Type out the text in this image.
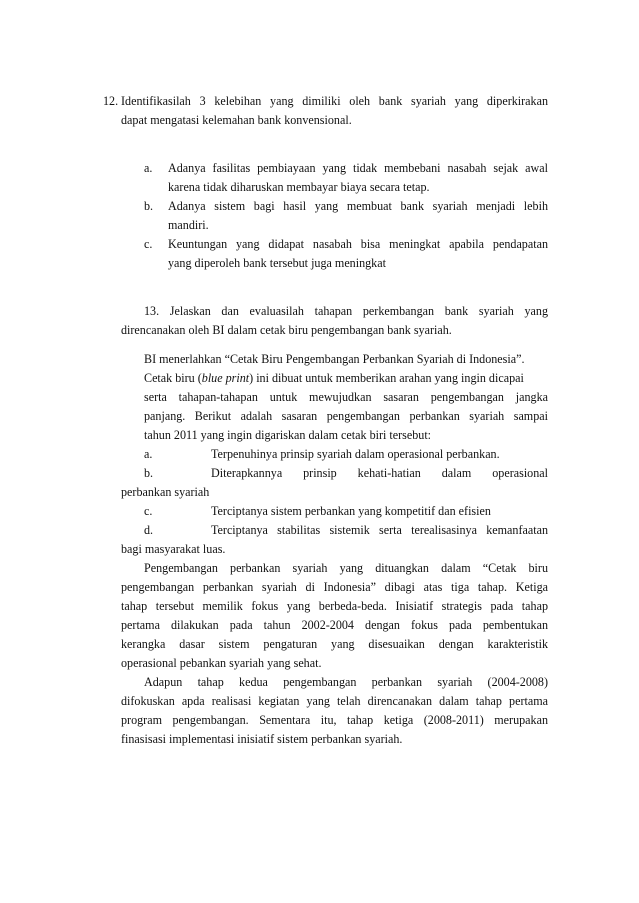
12. Identifikasilah 3 kelebihan yang dimiliki oleh bank syariah yang diperkirakan
dapat mengatasi kelemahan bank konvensional.
a. Adanya fasilitas pembiayaan yang tidak membebani nasabah sejak awal
karena tidak diharuskan membayar biaya secara tetap.
b. Adanya sistem bagi hasil yang membuat bank syariah menjadi lebih
mandiri.
c. Keuntungan yang didapat nasabah bisa meningkat apabila pendapatan
yang diperoleh bank tersebut juga meningkat
13. Jelaskan dan evaluasilah tahapan perkembangan bank syariah yang
direncanakan oleh BI dalam cetak biru pengembangan bank syariah.
BI menerlahkan “Cetak Biru Pengembangan Perbankan Syariah di Indonesia”.
Cetak biru (blue print) ini dibuat untuk memberikan arahan yang ingin dicapai
serta tahapan-tahapan untuk mewujudkan sasaran pengembangan jangka
panjang. Berikut adalah sasaran pengembangan perbankan syariah sampai
tahun 2011 yang ingin digariskan dalam cetak biri tersebut:
a.	Terpenuhinya prinsip syariah dalam operasional perbankan.
b.	Diterapkannya prinsip kehati-hatian dalam operasional
perbankan syariah
c.	Terciptanya sistem perbankan yang kompetitif dan efisien
d.	Terciptanya stabilitas sistemik serta terealisasinya kemanfaatan
bagi masyarakat luas.
Pengembangan perbankan syariah yang dituangkan dalam “Cetak biru
pengembangan perbankan syariah di Indonesia” dibagi atas tiga tahap. Ketiga
tahap tersebut memilik fokus yang berbeda-beda. Inisiatif strategis pada tahap
pertama dilakukan pada tahun 2002-2004 dengan fokus pada pembentukan
kerangka dasar sistem pengaturan yang disesuaikan dengan karakteristik
operasional pebankan syariah yang sehat.
Adapun tahap kedua pengembangan perbankan syariah (2004-2008)
difokuskan apda realisasi kegiatan yang telah direncanakan dalam tahap pertama
program pengembangan. Sementara itu, tahap ketiga (2008-2011) merupakan
finasisasi implementasi inisiatif sistem perbankan syariah.
